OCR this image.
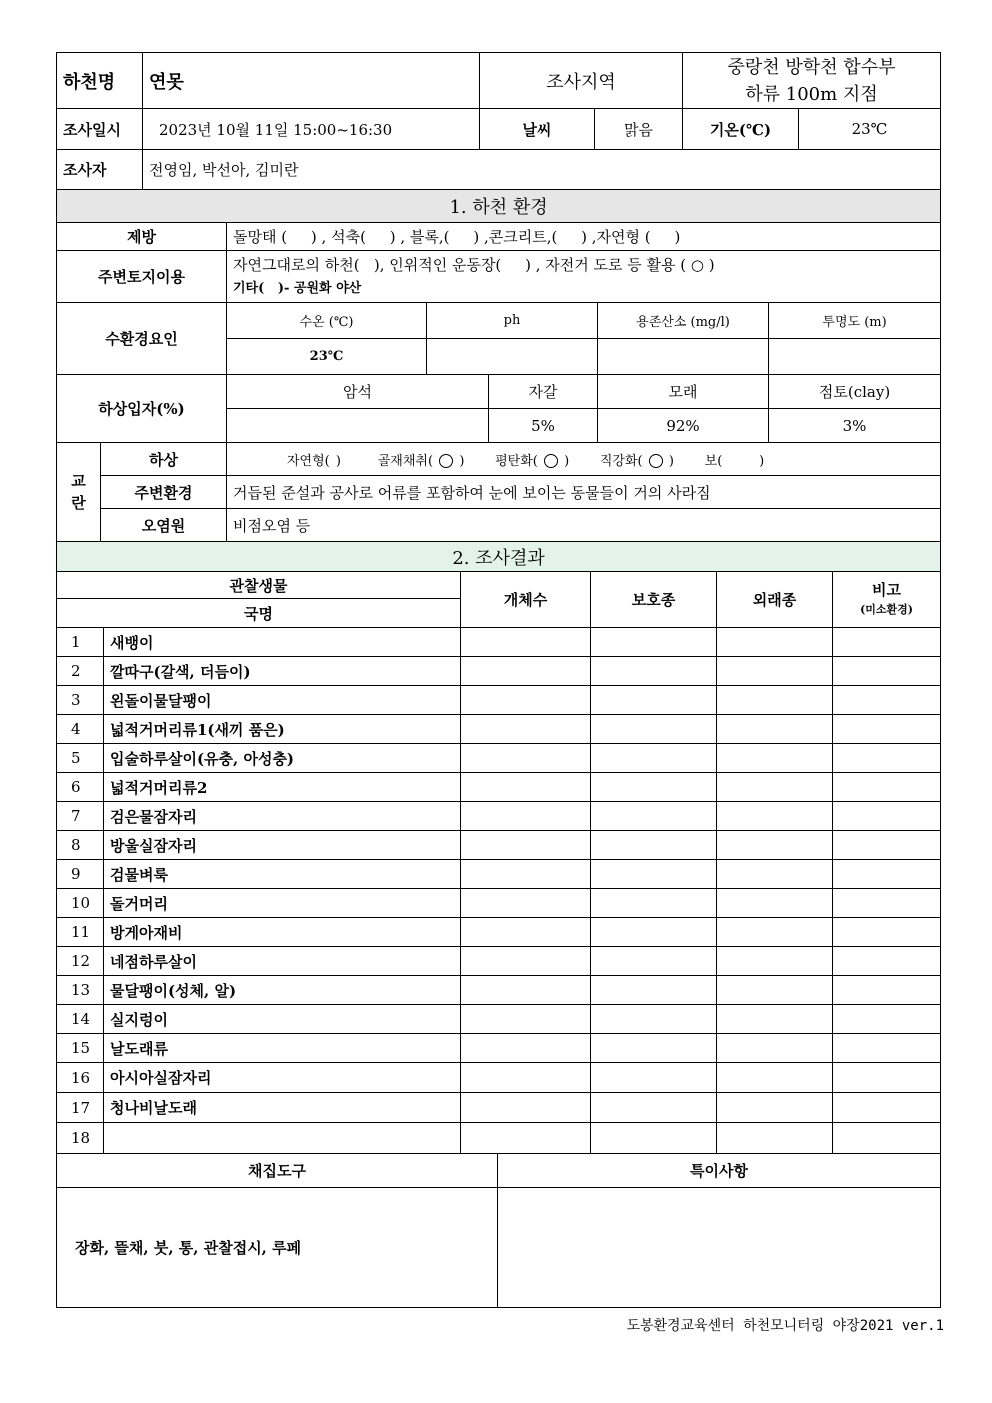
하천명	연못	조사지역		중랑천 방학천 합수부
하류 100m 지점	

조사일시	2023년 10월 11일 15:00~16:30	날씨	맑음	기온(℃)	23℃
조사자	전영임, 박선아, 김미란				
1. 하천 환경						
제방		돌망태 (     ) , 석축(     ) , 블록,(     ) ,콘크리트,(     ) ,자연형 (     )				
주변토지이용		자연그대로의 하천(   ), 인위적인 운동장(     ) , 자전거 도로 등 활용 ( ○ )
기타(   )- 공원화 야산				

수환경요인		수온 (℃)	ph		용존산소 (mg/l)	투명도 (m)
		23℃				
하상입자(%)		암석		자갈	모래	점토(clay)
				5%	92%	3%
교란	하상	자연형( ) 골재채취( ○ ) 평탄화( ○ ) 직강화( ○ ) 보(      )				
	주변환경	거듭된 준설과 공사로 어류를 포함하여 눈에 보이는 동물들이 거의 사라짐				
	오염원	비점오염 등				
2. 조사결과					
관찰생물		개체수	보호종	외래종	비고
(미소환경)

국명					
1	새뱅이				
2	깔따구(갈색, 더듬이)				
3	왼돌이물달팽이				
4	넓적거머리류1(새끼 품은)				
5	입술하루살이(유충, 아성충)				
6	넓적거머리류2				
7	검은물잠자리				
8	방울실잠자리				
9	검물벼룩				
10	돌거머리				
11	방게아재비				
12	네점하루살이				
13	물달팽이(성체, 알)				
14	실지렁이				
15	날도래류				
16	아시아실잠자리				
17	청나비날도래				
18					
채집도구	특이사항
장화, 뜰채, 붓, 통, 관찰접시, 루페	
도봉환경교육센터 하천모니터링 야장2021 ver.1
